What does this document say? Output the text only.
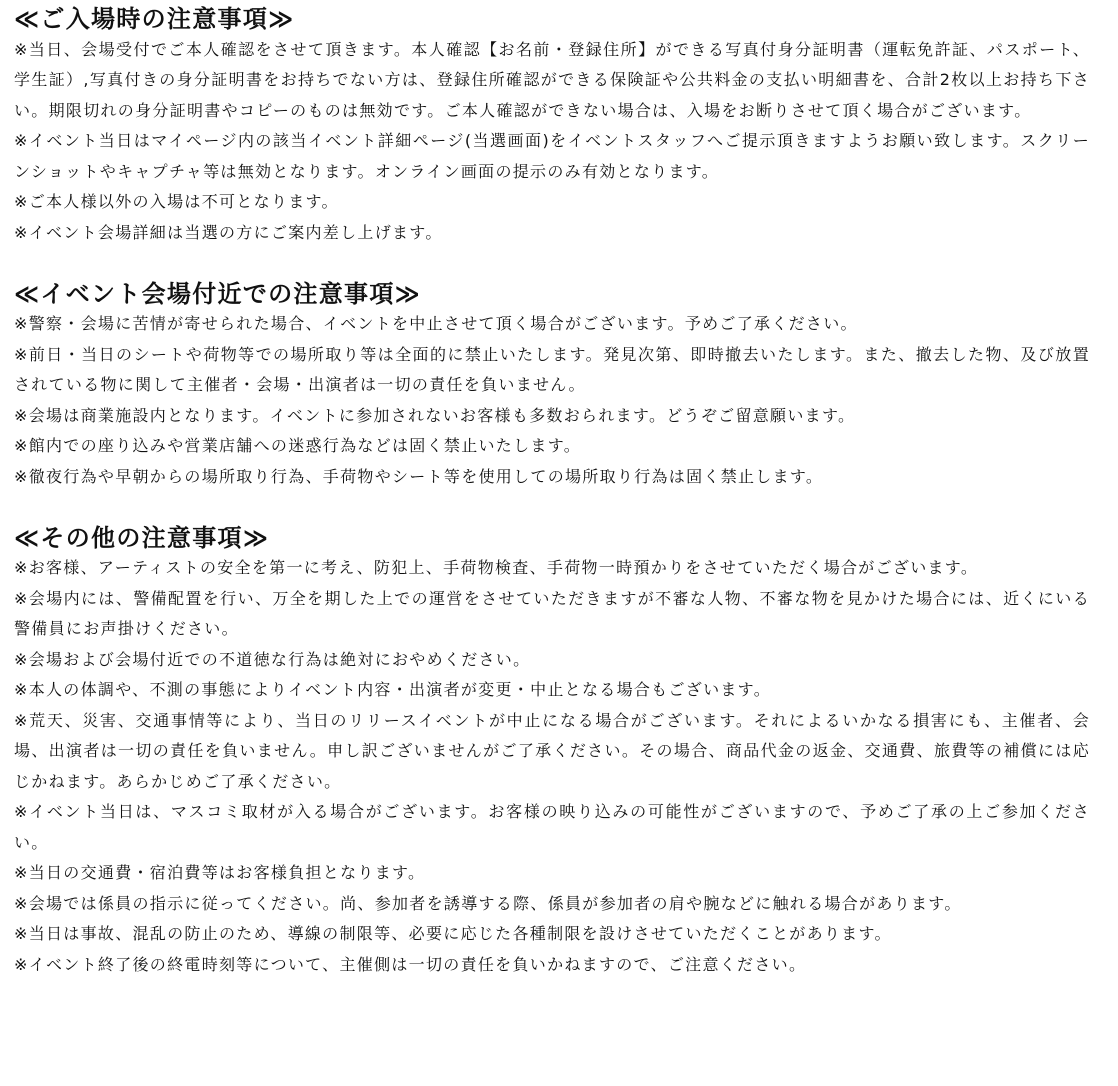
≪ご入場時の注意事項≫
※当日、会場受付でご本人確認をさせて頂きます。本人確認【お名前・登録住所】ができる写真付身分証明書（運転免許証、パスポート、学生証）,写真付きの身分証明書をお持ちでない方は、登録住所確認ができる保険証や公共料金の支払い明細書を、合計2枚以上お持ち下さい。期限切れの身分証明書やコピーのものは無効です。ご本人確認ができない場合は、入場をお断りさせて頂く場合がございます。
※イベント当日はマイページ内の該当イベント詳細ページ(当選画面)をイベントスタッフへご提示頂きますようお願い致します。スクリーンショットやキャプチャ等は無効となります。オンライン画面の提示のみ有効となります。
※ご本人様以外の入場は不可となります。
※イベント会場詳細は当選の方にご案内差し上げます。
≪イベント会場付近での注意事項≫
※警察・会場に苦情が寄せられた場合、イベントを中止させて頂く場合がございます。予めご了承ください。
※前日・当日のシートや荷物等での場所取り等は全面的に禁止いたします。発見次第、即時撤去いたします。また、撤去した物、及び放置されている物に関して主催者・会場・出演者は一切の責任を負いません。
※会場は商業施設内となります。イベントに参加されないお客様も多数おられます。どうぞご留意願います。
※館内での座り込みや営業店舗への迷惑行為などは固く禁止いたします。
※徹夜行為や早朝からの場所取り行為、手荷物やシート等を使用しての場所取り行為は固く禁止します。
≪その他の注意事項≫
※お客様、アーティストの安全を第一に考え、防犯上、手荷物検査、手荷物一時預かりをさせていただく場合がございます。
※会場内には、警備配置を行い、万全を期した上での運営をさせていただきますが不審な人物、不審な物を見かけた場合には、近くにいる警備員にお声掛けください。
※会場および会場付近での不道徳な行為は絶対におやめください。
※本人の体調や、不測の事態によりイベント内容・出演者が変更・中止となる場合もございます。
※荒天、災害、交通事情等により、当日のリリースイベントが中止になる場合がございます。それによるいかなる損害にも、主催者、会場、出演者は一切の責任を負いません。申し訳ございませんがご了承ください。その場合、商品代金の返金、交通費、旅費等の補償には応じかねます。あらかじめご了承ください。
※イベント当日は、マスコミ取材が入る場合がございます。お客様の映り込みの可能性がございますので、予めご了承の上ご参加ください。
※当日の交通費・宿泊費等はお客様負担となります。
※会場では係員の指示に従ってください。尚、参加者を誘導する際、係員が参加者の肩や腕などに触れる場合があります。
※当日は事故、混乱の防止のため、導線の制限等、必要に応じた各種制限を設けさせていただくことがあります。
※イベント終了後の終電時刻等について、主催側は一切の責任を負いかねますので、ご注意ください。
